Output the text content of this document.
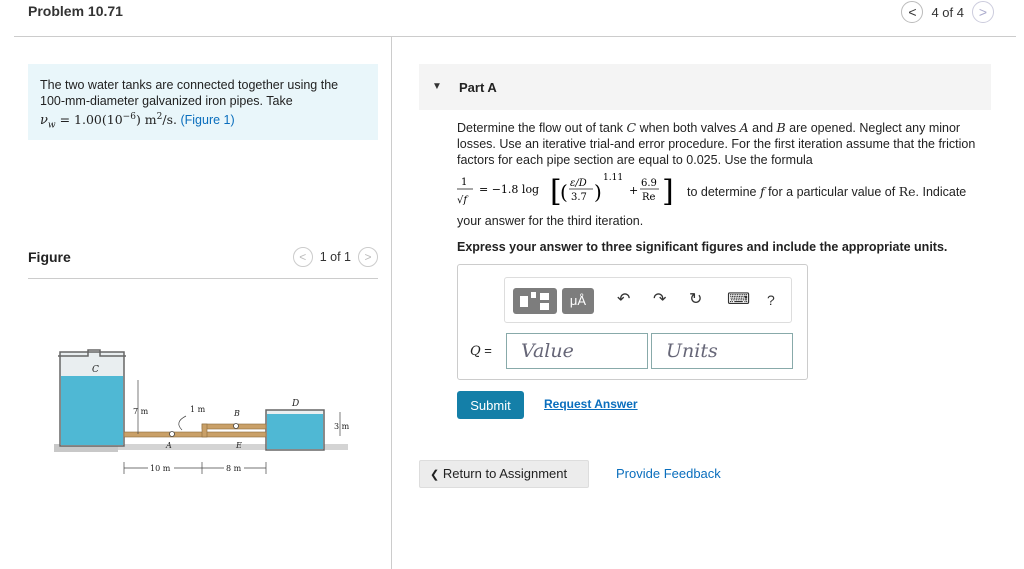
Problem 10.71	<	4 of 4	>
The two water tanks are connected together using the
100-mm-diameter galvanized iron pipes. Take
$\nu_w = 1.00(10^{-6})$ $m^2/s$. (Figure 1)
Figure	<	1 of 1	>
C
D
A
B
E
7 m	1 m
3 m
10 m	8 m
▼ Part A
Determine the flow out of tank C when both valves A and B are opened. Neglect any minor
losses. Use an iterative trial-and error procedure. For the first iteration assume that the friction
factors for each pipe section are equal to 0.025. Use the formula
1
√f
= −1.8 log [
( ε/D
3.7 )
1.11
+
6.9
Re ] to determine f for a particular value of Re. Indicate
your answer for the third iteration.
Express your answer to three significant figures and include the appropriate units.
μÅ	↶ ↷ ↻ ⌨ ?
Q =	Value	Units
Submit	Request Answer
❮ Return to Assignment	Provide Feedback
